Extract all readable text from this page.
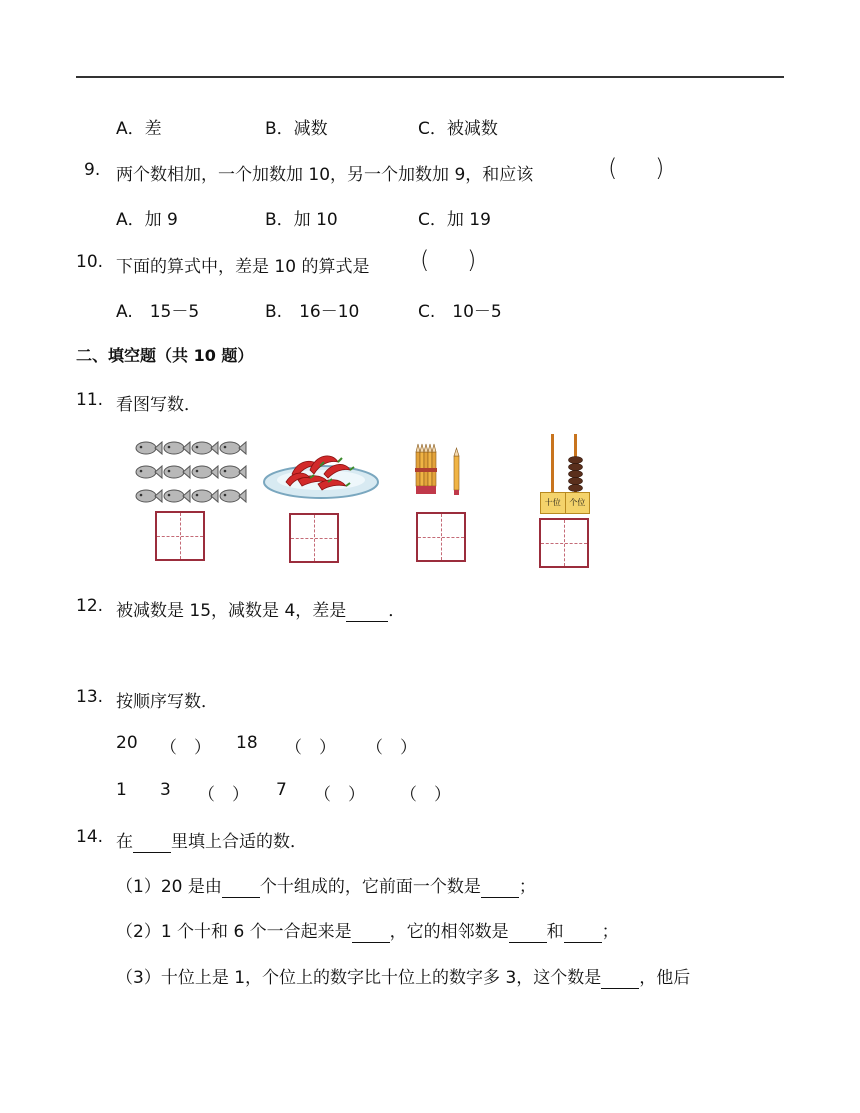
A．差	B．减数	C．被减数
9. 两个数相加，一个加数加 10，另一个加数加 9，和应该	( )
A．加 9	B．加 10	C．加 19
10. 下面的算式中，差是 10 的算式是 ( )
A.　15－5	B.　16－10	C.　10－5
二、填空题（共 10 题）
11. 看图写数．
十位	个位
12. 被减数是 15，减数是 4，差是 ．
13. 按顺序写数．
20 （　） 18 （　） （　）
1 3 （　） 7 （　） （　）
14. 在 里填上合适的数．
（1）20 是由 个十组成的，它前面一个数是 ；
（2）1 个十和 6 个一合起来是 ，它的相邻数是 和 ；
（3）十位上是 1，个位上的数字比十位上的数字多 3，这个数是 ，他后
